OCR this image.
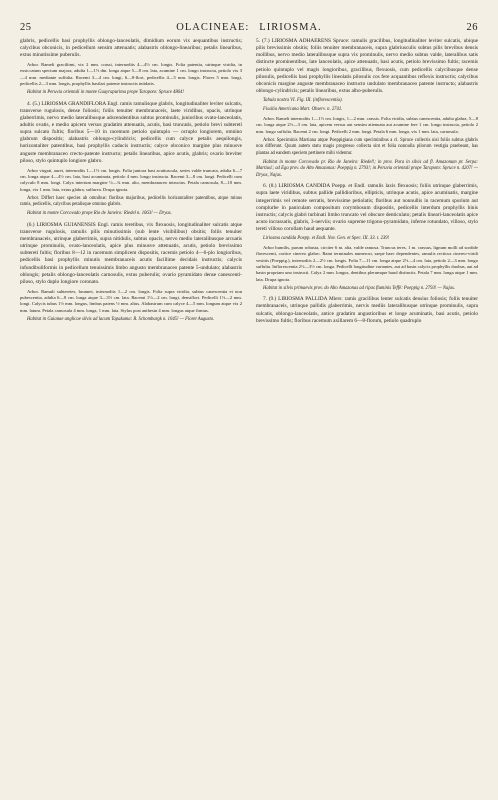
25	OLACINEAE: LIRIOSMA.	26

glabris, pedicellis basi prophyllis oblongo-lanceolatis, dimidium eorum vix aequantibus instructis; calycibus obconicis, in pedicellum sensim attenuatis; alabastris oblongo-linearibus; petalis linearibus, extus minutissime puberulis.

Arbor. Rameli graciliimi, vix 2 mm. crassi, internodiis 4—4½ cm. longis. Folia patentia, utrinque viridia, in exsiccatum spectum majora, adulta 1—1½ dm. longa atque 5—8 cm. lata, acumine 1 cm. longo instructa, petiolo vix 3—4 mm. mediante suffulta. Racemi 3—4 cm. longi, 6—8-flori, pedicellis 4—5 mm. longis. Flores 5 mm. longi, pedicellis 2—3 mm. longis, prophyllis basilari patente instructis intidatis.

Habitat in Peruvia orientali in monte Guayrapurima prope Tarapoto: Spruce 4864!

4. (5.) LIRIOSMA GRANDIFLORA Engl. ramis ramulisque glabris, longitudinaliter leviter sulcatis, transverse rugulosis, dense foliosis; foliis tenuiter membranaceis, laete viridibus, opacis, utrinque glaberrimis, nervo medio lateralibusque adscendentibus subtus prominulis, junioribus ovato-lanceolatis, adultis ovatis, e medio apicem versus gradatim attenuatis, acutis, basi truncatis, petiolo brevi subteretí supra sulcato fultis; floribus 5—10 in racemum petiolo quintuplo — octuplo longiorem, omnino glabrum dispositis; alabastris oblongo-cylindricis; pedicellis cum calyce petalis aequilongis, horizontaliter patentibus, basi prophyllis caducis instructis; calyce obconico margine plus minusve anguste membranaceo crecto-patente instructo; petalis linearibus, apice acutis, glabris; ovario breviter piloso, stylo quintuplo longiore glabro.

Arbor virgati, aurei, internodiis 1—1½ cm. longis. Folia juniora basi acutiuscula, series valde truncata, adulta 6—7 cm. longa atque 4—4½ cm. lata, basi acuminata, petiolo 4 mm. longo instructa. Racemi 3—8 cm. longi. Pedicelli cum calyculo 8 mm. longi. Calyx interium margine ½—¾ mm. alto, membranaceo intructus. Petala carnosula, 8—10 mm. longa, vix 1 mm. lata, extus glabra, sulfurea. Drupa ignota.

Arbor. Differt haec species ab omnibus: floribus majoribus, pedicellis horizontaliter patentibus, atque minus ramis, pedicellis, calycibus petalisque omnino glabris.

Habitat in monte Corcovado prope Rio de Janeiro: Riedel n. 1063! — Dryas.

(6.) LIRIOSMA GUIANENSIS Engl. ramis teretibus, vix flexuosis, longitudinaliter sulcatis atque transverse rugulosis, ramulis pilis minutissimis (sub lente visibilibus) obsitis; foliis tenuiter membranaceis, utrinque glaberrimis, supra nitidulis, subtus opacis, nervo medio lateralibusque arcuatis utrinque prominulis, ovato-lanceolatis, apice plus minusve attenuatis, acutis, petiolo brevissimo subtereti fultis; floribus 8—12 in racemum simplicem dispositis, racemis petiolo 4—6-plo longioribus, pedicellis basi prophyllis minutis membranaceis acutis facillime decidais instructis; calycis infundibuliformis in pedicellum tenuissimis limbo angusto membranaceo patente 5-undulato; alabastris oblongis; petalis oblongo-lanceolatis carnosulis, extus puberulis; ovario pyramidato dense canescenti-piloso, stylo duplo longiore coronato.

Arbor. Ramuli subteretes, brunnei, internodiis 1—2 cm. longis. Folia supra viridia, subtus canescentia et non pubescentia, adulta 6—8 cm. longa atque 3—3½ cm. lata. Racemi 1½—2 cm. longi, densiflori. Pedicelli 1½—2 mm. longi. Calycis tubus 1½ mm. longus, limbus patens ½ mm. altus. Alabastrum cum calyce 4—5 mm. longum atque vix 2 mm. latum. Petala carnosula 4 mm. longa, 1 mm. lata. Stylus post anthesin 4 mm. longus atque firmus.

Habitat in Guianae anglicae silvis ad lacum Tapakuma: R. Schomburgk n. 1045! — Floret Augusto.

5. (7.) LIRIOSMA ADHAERENS Spruce: ramulis gracilibus, longitudinaliter leviter sulcatis, ubique pilis brevissimis obsitis; foliis tenuiter membranaceis, supra glabriusculis subtus pilis brevibus densis mollibus, nervo medio lateralibusque supra vix prominulis, nervo medio subtus valde, lateralibus satis distincte prominentibus, late lanceolatis, apice attenuatis, basi acutis, petiolo brevissimo fultis; racemis petiolo quintuplo vel magis longioribus, gracilibus, flexuosis, cum pedicellis calycibusque dense pilosulis, pedicellis basi prophyllis lineolatis pilosulis cos fere acquantibus reflexis instructis; calycibus obconicis margine anguste membranaceo instructo undulato membranaceo patente instructo; alabastris oblongo-cylindricis; petalis linearibus, extus albo-puberulis.

Tabula nostra VI. Fig. III. (inflorescentia).

Fissilia Americana Mart. Observ. n. 2741.

Arbor. Rameli internodiis 1—1½ cm. longis, 1—2 mm. crassis. Folia viridia, subtus canescentia, adulta glabra, 5—8 cm. longa atque 2½—3 cm. lata, apicem versus aut sensim attenuata aut acumine fere 1 cm. longo instructa, petiolo 2 mm. longo suffulta. Racemi 2 cm. longi. Pedicelli 2 mm. longi. Petala 6 mm. longa, vix 1 mm. lata, carnosula.

Arbor. Speciminis Martiana atque Poeppigiana cum speciminibus a cl. Spruce collectis nisi foliis subtus glabris non differunt. Quum autem statu magis progresso collecta sint et folia nonnulla pilorum vestigia praebeant, has plantas ad eandem speciem pertinere mihi videntur.

Habitat in monte Corcovado pr. Rio de Janeiro: Riedel!; in prov. Para in silvis ad fl. Amazonum pr. Serpa: Martius!; ad Ega prov. do Alto Amazonas: Poeppig n. 2793!; in Peruvia orientali prope Tarapoto: Spruce n. 4207! — Dryas, Najas.

6. (8.) LIRIOSMA CANDIDA Poepp. et Endl. ramulis laxis flexuosis; foliis utrinque glaberrimis, supra laete viridibus, subtus pallide pallidioribus, ellipticis, utrinque acutis, apice acuminatis, margine integerrimis vel remote serratis, brevissime petiolatis; floribus aut nonnullis in racemum spurium aut complurbe in paniculam compositum corymbosum dispositis, pedicellis interdum prophyllis binis instructis; calycis glabri turbinati limbo truncato vel obscure denticulato; petalis lineari-lanceolatis apice acuto incrassatis, glabris, 3-nerviis; ovario supreme trigono-pyramidato, inferne rotundato, villoso, stylo tereti villoso corollam haud aequante.

Liriosma candida Poepp. et Endl. Nov. Gen. et Spec. III. 33. t. 239!

Arbor humilis, parum robusta, circiter 6 m. alta, valde ramosa. Truncus teres, 1 m. crassus, lignum molli ad sordide flavescenti, cortice cinereo glabro. Rami terminales numerosi, saepe haec dependentes, ramulis recticus cinereo-viridi vestitis (Poeppig.), internodiis 2—2½ cm. longis. Folia 7—11 cm. longa atque 2½—4 cm. lata, petiolo 2—3 mm. longo suffulta. Inflorescentia 2½—3½ cm. longa. Pedicelli longitudine variantes, aut ad basin calycis prophyllis duobus, aut ad basin propriam uno instructi. Calyx 2 mm. longus, dentibus plerumque haud distinctis. Petala 7 mm. longa atque 1 mm. lata. Drupa ignota.

Habitat in silvis primaevis prov. do Alto Amazonas ad ripas fluminis Teffé: Poeppig n. 2793! — Najas.

7. (9.) LIRIOSMA PALLIDA Miers: ramis gracilibus lenter sulcatis densius foliosis; foliis tenuiter membranaceis, utrinque pallidis glaberrimis, nervis mediis lateralibusque utrinque prominulis, supra sulcatis, oblongo-lanceolatis, antice gradatim angustioribus et longe acuminatis, basi acutis, petiolo brevissimo fultis; floribus racemum axillarem 6—8-florum, petiolo quadruplo
